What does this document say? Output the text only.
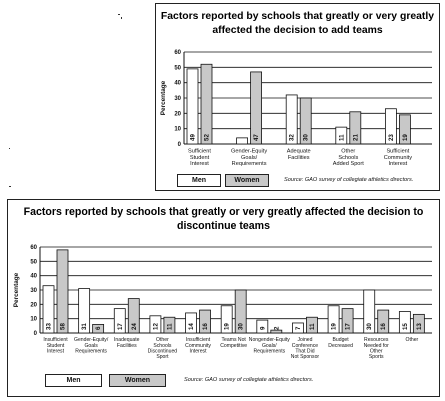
Factors reported by schools that greatly or very greatly affected the decision to add teams
0
10
20
30
40
50
60
Percentage
49 52
Sufficient Student Interest
47
Gender-Equity Goals/ Requirements
32 30
Adequate Facilities
11 21
Other Schools Added Sport
23 19
Sufficient Community Interest
Men	Women	Source: GAO survey of collegiate athletics directors.
Factors reported by schools that greatly or very greatly affected the decision to discontinue teams
0
10
20
30
40
50
60
Percentage
33 58
Insufficient Student Interest
31 6
Gender-Equity/ Goals Requirements
17 24
Inadequate Facilities
12 11
Other Schools Discontinued Sport
14 16
Insufficient Community Interest
19 30
Teams Not Competitive
9 2
Nongender-Equity Goals/ Requirements
7 11
Joined Conference That Did Not Sponsor
19 17
Budget Decreased
30 16
Resources Needed for Other Sports
15 13
Other
Men	Women	Source: GAO survey of collegiate athletics directors.
